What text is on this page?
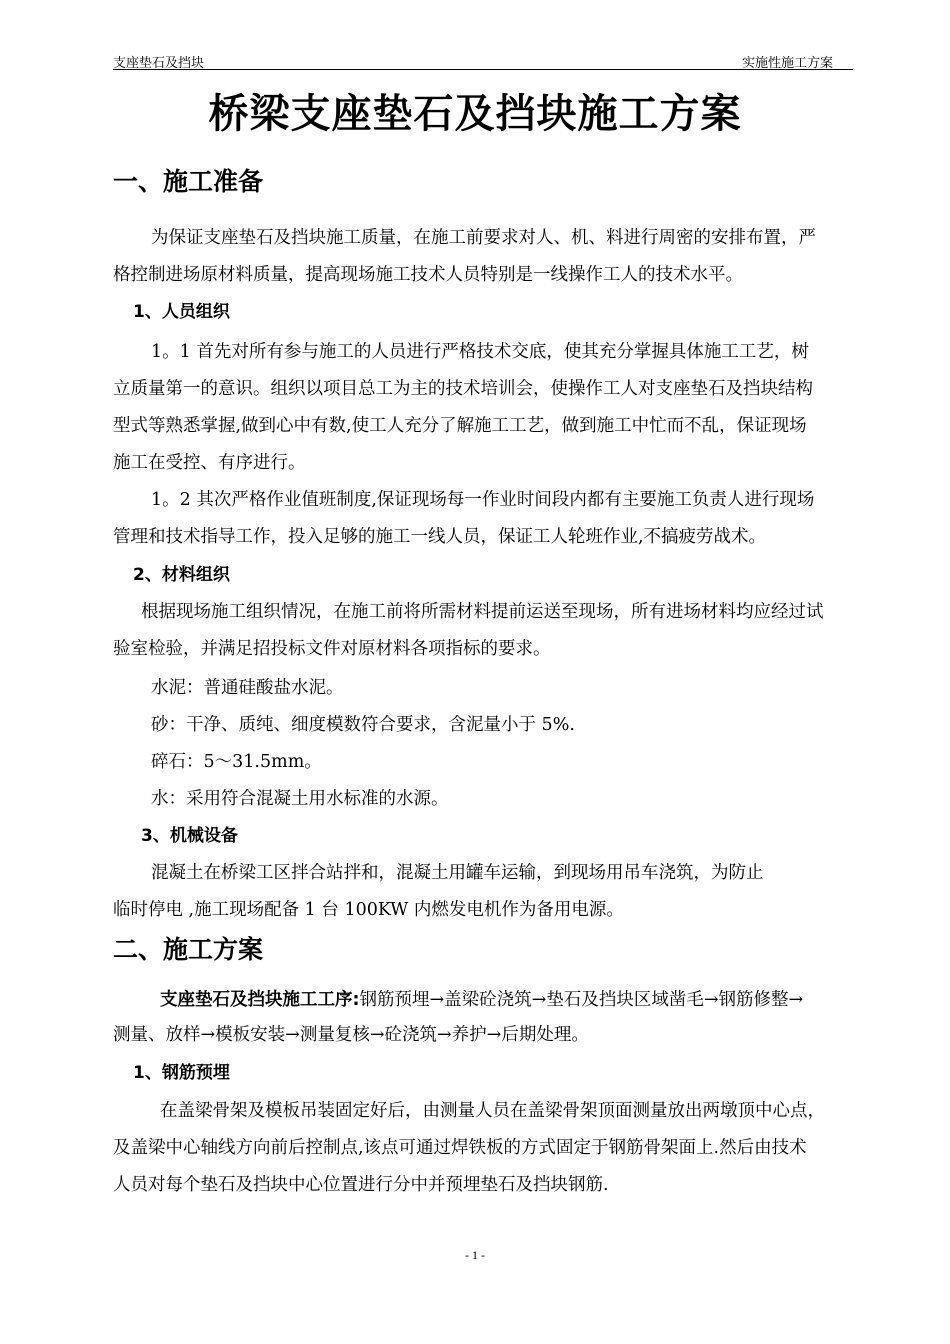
支座垫石及挡块	实施性施工方案
桥梁支座垫石及挡块施工方案
一、施工准备
为保证支座垫石及挡块施工质量，在施工前要求对人、机、料进行周密的安排布置，严
格控制进场原材料质量，提高现场施工技术人员特别是一线操作工人的技术水平。
1、人员组织
1。1 首先对所有参与施工的人员进行严格技术交底，使其充分掌握具体施工工艺，树
立质量第一的意识。组织以项目总工为主的技术培训会，使操作工人对支座垫石及挡块结构
型式等熟悉掌握,做到心中有数,使工人充分了解施工工艺，做到施工中忙而不乱，保证现场
施工在受控、有序进行。
1。2 其次严格作业值班制度,保证现场每一作业时间段内都有主要施工负责人进行现场
管理和技术指导工作，投入足够的施工一线人员，保证工人轮班作业,不搞疲劳战术。
2、材料组织
根据现场施工组织情况，在施工前将所需材料提前运送至现场，所有进场材料均应经过试
验室检验，并满足招投标文件对原材料各项指标的要求。
水泥：普通硅酸盐水泥。
砂：干净、质纯、细度模数符合要求，含泥量小于 5%.
碎石：5～31.5mm。
水：采用符合混凝土用水标准的水源。
3、机械设备
混凝土在桥梁工区拌合站拌和，混凝土用罐车运输，到现场用吊车浇筑，为防止
临时停电 ,施工现场配备 1 台 100KW 内燃发电机作为备用电源。
二、施工方案
支座垫石及挡块施工工序:钢筋预埋→盖梁砼浇筑→垫石及挡块区域凿毛→钢筋修整→
测量、放样→模板安装→测量复核→砼浇筑→养护→后期处理。
1、钢筋预埋
在盖梁骨架及模板吊装固定好后，由测量人员在盖梁骨架顶面测量放出两墩顶中心点，
及盖梁中心轴线方向前后控制点,该点可通过焊铁板的方式固定于钢筋骨架面上.然后由技术
人员对每个垫石及挡块中心位置进行分中并预埋垫石及挡块钢筋.
- 1 -
